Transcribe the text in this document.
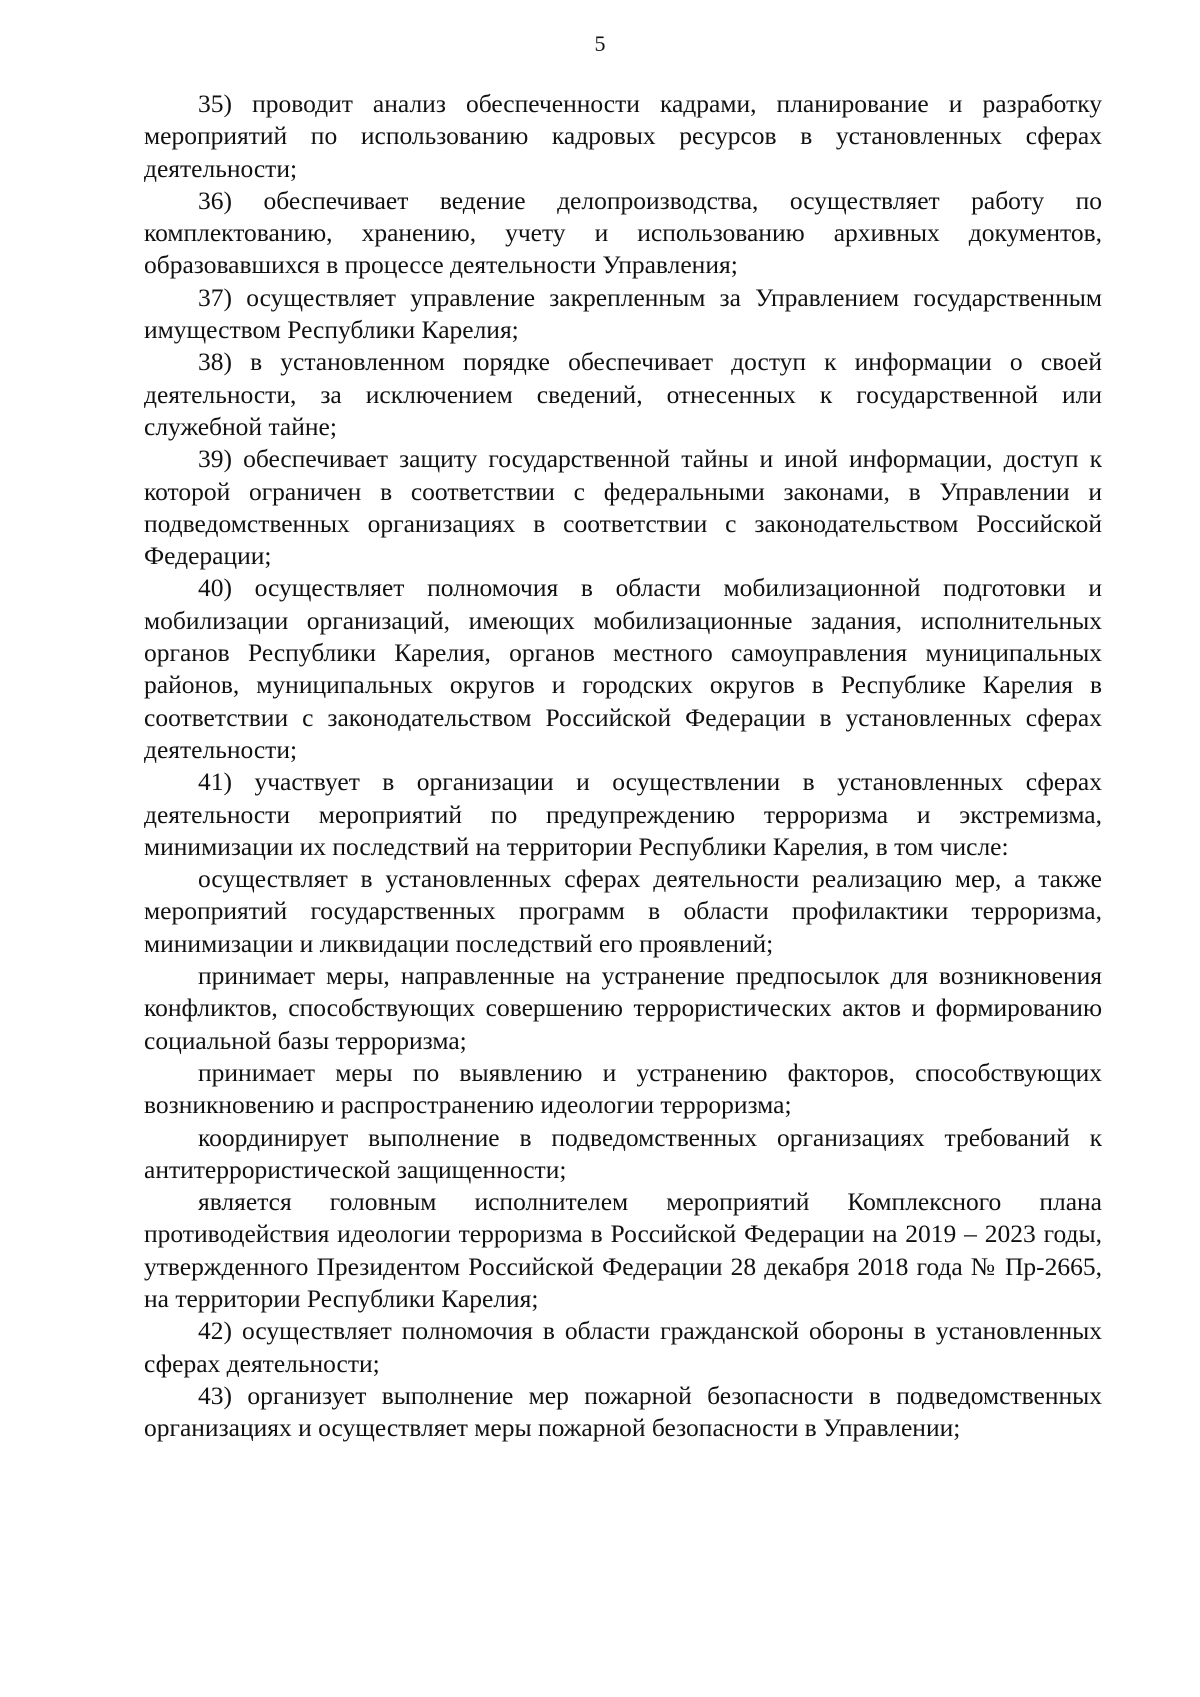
5

35) проводит анализ обеспеченности кадрами, планирование и разработку мероприятий по использованию кадровых ресурсов в установленных сферах деятельности;

36) обеспечивает ведение делопроизводства, осуществляет работу по комплектованию, хранению, учету и использованию архивных документов, образовавшихся в процессе деятельности Управления;

37) осуществляет управление закрепленным за Управлением государственным имуществом Республики Карелия;

38) в установленном порядке обеспечивает доступ к информации о своей деятельности, за исключением сведений, отнесенных к государственной или служебной тайне;

39) обеспечивает защиту государственной тайны и иной информации, доступ к которой ограничен в соответствии с федеральными законами, в Управлении и подведомственных организациях в соответствии с законодательством Российской Федерации;

40) осуществляет полномочия в области мобилизационной подготовки и мобилизации организаций, имеющих мобилизационные задания, исполнительных органов Республики Карелия, органов местного самоуправления муниципальных районов, муниципальных округов и городских округов в Республике Карелия в соответствии с законодательством Российской Федерации в установленных сферах деятельности;

41) участвует в организации и осуществлении в установленных сферах деятельности мероприятий по предупреждению терроризма и экстремизма, минимизации их последствий на территории Республики Карелия, в том числе:

осуществляет в установленных сферах деятельности реализацию мер, а также мероприятий государственных программ в области профилактики терроризма, минимизации и ликвидации последствий его проявлений;

принимает меры, направленные на устранение предпосылок для возникновения конфликтов, способствующих совершению террористических актов и формированию социальной базы терроризма;

принимает меры по выявлению и устранению факторов, способствующих возникновению и распространению идеологии терроризма;

координирует выполнение в подведомственных организациях требований к антитеррористической защищенности;

является головным исполнителем мероприятий Комплексного плана противодействия идеологии терроризма в Российской Федерации на 2019 – 2023 годы, утвержденного Президентом Российской Федерации 28 декабря 2018 года № Пр-2665, на территории Республики Карелия;

42) осуществляет полномочия в области гражданской обороны в установленных сферах деятельности;

43) организует выполнение мер пожарной безопасности в подведомственных организациях и осуществляет меры пожарной безопасности в Управлении;
